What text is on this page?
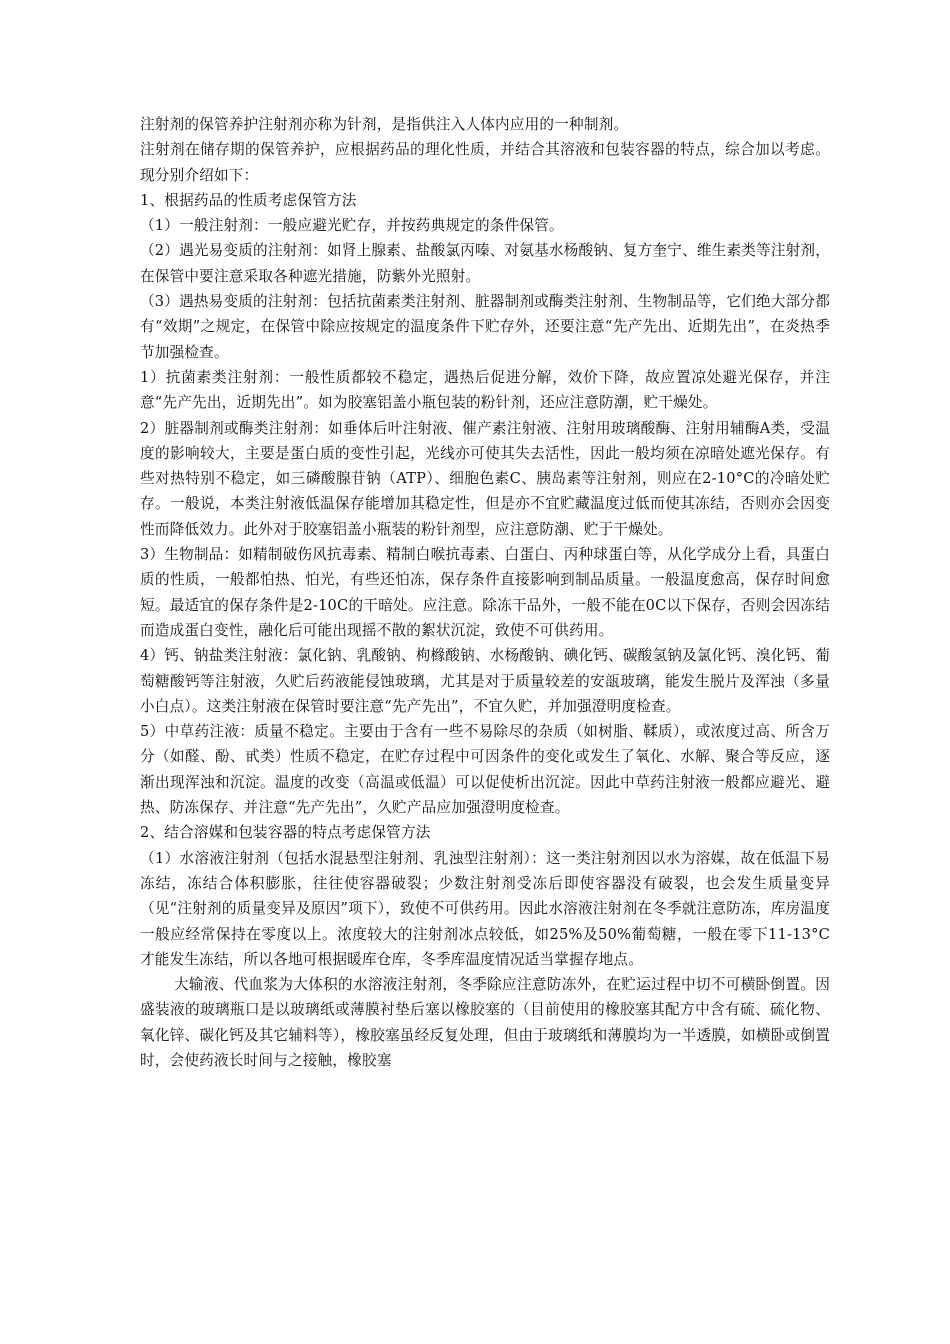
注射剂的保管养护注射剂亦称为针剂，是指供注入人体内应用的一种制剂。

注射剂在储存期的保管养护，应根据药品的理化性质，并结合其溶液和包装容器的特点，综合加以考虑。现分别介绍如下：

1、根据药品的性质考虑保管方法

（1）一般注射剂：一般应避光贮存，并按药典规定的条件保管。

（2）遇光易变质的注射剂：如肾上腺素、盐酸氯丙嗪、对氨基水杨酸钠、复方奎宁、维生素类等注射剂，在保管中要注意采取各种遮光措施，防紫外光照射。

（3）遇热易变质的注射剂：包括抗菌素类注射剂、脏器制剂或酶类注射剂、生物制品等，它们绝大部分都有“效期”之规定，在保管中除应按规定的温度条件下贮存外，还要注意“先产先出、近期先出”，在炎热季节加强检查。

1）抗菌素类注射剂：一般性质都较不稳定，遇热后促进分解，效价下降，故应置凉处避光保存，并注意“先产先出，近期先出”。如为胶塞铝盖小瓶包装的粉针剂，还应注意防潮，贮干燥处。

2）脏器制剂或酶类注射剂：如垂体后叶注射液、催产素注射液、注射用玻璃酸酶、注射用辅酶A类，受温度的影响较大，主要是蛋白质的变性引起，光线亦可使其失去活性，因此一般均须在凉暗处遮光保存。有些对热特别不稳定，如三磷酸腺苷钠（ATP）、细胞色素C、胰岛素等注射剂，则应在2-10°C的冷暗处贮存。一般说，本类注射液低温保存能增加其稳定性，但是亦不宜贮藏温度过低而使其冻结，否则亦会因变性而降低效力。此外对于胶塞铝盖小瓶装的粉针剂型，应注意防潮、贮于干燥处。

3）生物制品：如精制破伤风抗毒素、精制白喉抗毒素、白蛋白、丙种球蛋白等，从化学成分上看，具蛋白质的性质，一般都怕热、怕光，有些还怕冻，保存条件直接影响到制品质量。一般温度愈高，保存时间愈短。最适宜的保存条件是2-10C的干暗处。应注意。除冻干品外，一般不能在0C以下保存，否则会因冻结而造成蛋白变性，融化后可能出现摇不散的絮状沉淀，致使不可供药用。

4）钙、钠盐类注射液：氯化钠、乳酸钠、枸橼酸钠、水杨酸钠、碘化钙、碳酸氢钠及氯化钙、溴化钙、葡萄糖酸钙等注射液，久贮后药液能侵蚀玻璃，尤其是对于质量较差的安瓿玻璃，能发生脱片及浑浊（多量小白点）。这类注射液在保管时要注意“先产先出”，不宜久贮，并加强澄明度检查。

5）中草药注液：质量不稳定。主要由于含有一些不易除尽的杂质（如树脂、鞣质），或浓度过高、所含万分（如醛、酚、甙类）性质不稳定，在贮存过程中可因条件的变化或发生了氧化、水解、聚合等反应，逐渐出现浑浊和沉淀。温度的改变（高温或低温）可以促使析出沉淀。因此中草药注射液一般都应避光、避热、防冻保存、并注意“先产先出”，久贮产品应加强澄明度检查。

2、结合溶媒和包装容器的特点考虑保管方法

（1）水溶液注射剂（包括水混悬型注射剂、乳浊型注射剂）：这一类注射剂因以水为溶媒，故在低温下易冻结，冻结合体积膨胀，往往使容器破裂；少数注射剂受冻后即使容器没有破裂，也会发生质量变异（见“注射剂的质量变异及原因”项下），致使不可供药用。因此水溶液注射剂在冬季就注意防冻，库房温度一般应经常保持在零度以上。浓度较大的注射剂冰点较低，如25%及50%葡萄糖，一般在零下11-13°C才能发生冻结，所以各地可根据暖库仓库，冬季库温度情况适当掌握存地点。

大输液、代血浆为大体积的水溶液注射剂，冬季除应注意防冻外，在贮运过程中切不可横卧倒置。因盛装液的玻璃瓶口是以玻璃纸或薄膜衬垫后塞以橡胶塞的（目前使用的橡胶塞其配方中含有硫、硫化物、氧化锌、碳化钙及其它辅料等），橡胶塞虽经反复处理，但由于玻璃纸和薄膜均为一半透膜，如横卧或倒置时，会使药液长时间与之接触，橡胶塞
